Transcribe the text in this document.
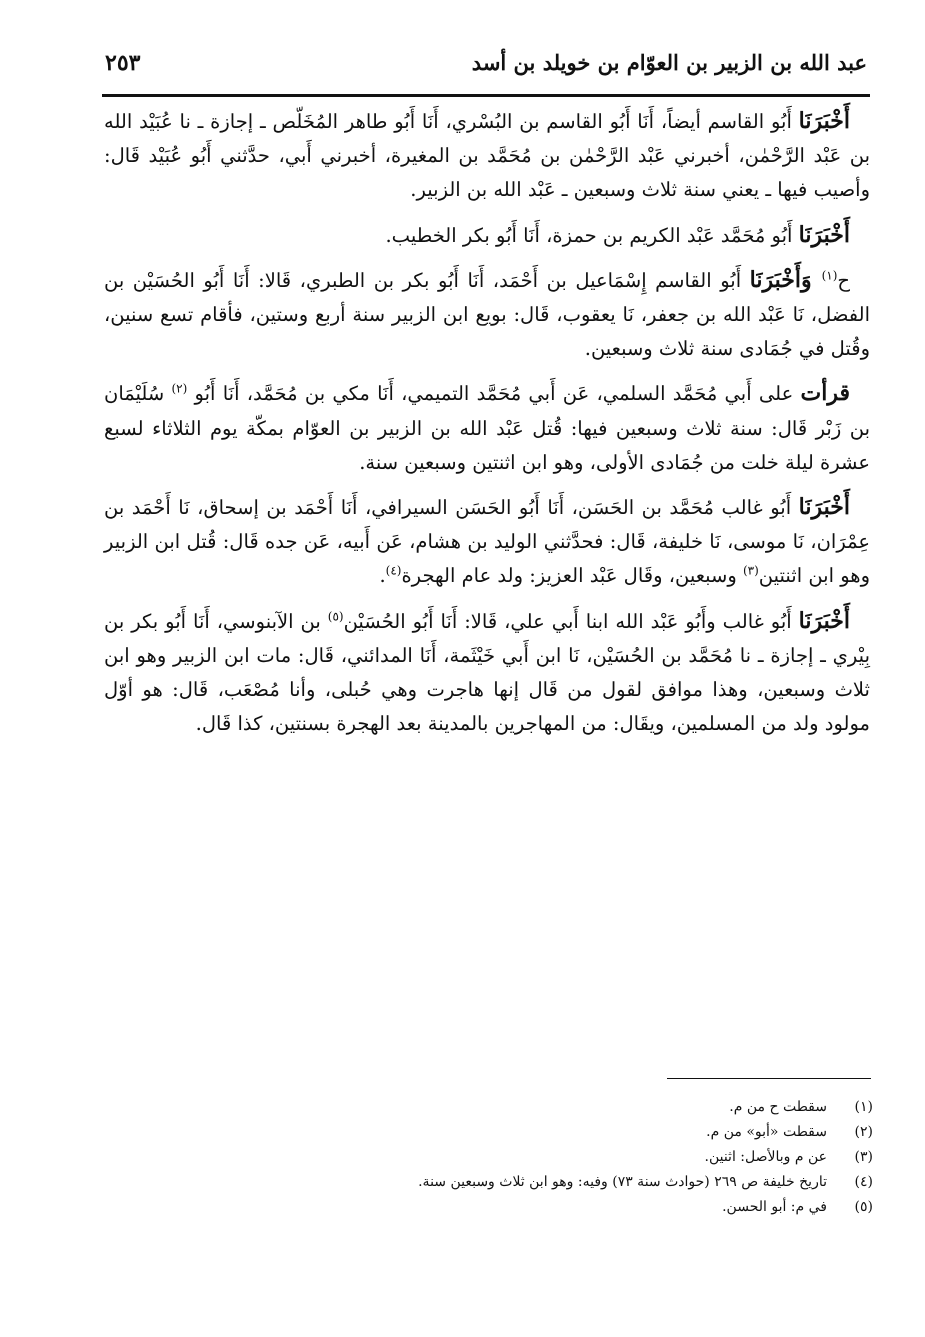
عبد الله بن الزبير بن العوّام بن خويلد بن أسد
٢٥٣

أَخْبَرَنَا أَبُو القاسم أيضاً، أَنَا أَبُو القاسم بن البُسْري، أَنَا أَبُو طاهر المُخَلّص ـ إجازة ـ نا عُبَيْد الله بن عَبْد الرَّحْمٰن، أخبرني عَبْد الرَّحْمٰن بن مُحَمَّد بن المغيرة، أخبرني أَبي، حدَّثني أَبُو عُبَيْد قَال: وأصيب فيها ـ يعني سنة ثلاث وسبعين ـ عَبْد الله بن الزبير.

أَخْبَرَنَا أَبُو مُحَمَّد عَبْد الكريم بن حمزة، أَنَا أَبُو بكر الخطيب.

ح$^{(١)}$ وَأَخْبَرَنَا أَبُو القاسم إِسْمَاعيل بن أَحْمَد، أَنَا أَبُو بكر بن الطبري، قَالا: أَنَا أَبُو الحُسَيْن بن الفضل، نَا عَبْد الله بن جعفر، نَا يعقوب، قَال: بويع ابن الزبير سنة أربع وستين، فأقام تسع سنين، وقُتل في جُمَادى سنة ثلاث وسبعين.

قرأت على أَبي مُحَمَّد السلمي، عَن أَبي مُحَمَّد التميمي، أَنَا مكي بن مُحَمَّد، أَنَا أَبُو $^{(٢)}$ سُلَيْمَان بن زَبْر قَال: سنة ثلاث وسبعين فيها: قُتل عَبْد الله بن الزبير بن العوّام بمكّة يوم الثلاثاء لسبع عشرة ليلة خلت من جُمَادى الأولى، وهو ابن اثنتين وسبعين سنة.

أَخْبَرَنَا أَبُو غالب مُحَمَّد بن الحَسَن، أَنَا أَبُو الحَسَن السيرافي، أَنَا أَحْمَد بن إسحاق، نَا أَحْمَد بن عِمْرَان، نَا موسى، نَا خليفة، قَال: فحدَّثني الوليد بن هشام، عَن أَبيه، عَن جده قَال: قُتل ابن الزبير وهو ابن اثنتين$^{(٣)}$ وسبعين، وقَال عَبْد العزيز: ولد عام الهجرة$^{(٤)}$.

أَخْبَرَنَا أَبُو غالب وأَبُو عَبْد الله ابنا أَبي علي، قَالا: أَنَا أَبُو الحُسَيْن$^{(٥)}$ بن الآبنوسي، أَنَا أَبُو بكر بن بِيْري ـ إجازة ـ نا مُحَمَّد بن الحُسَيْن، نَا ابن أَبي خَيْثَمة، أَنَا المدائني، قَال: مات ابن الزبير وهو ابن ثلاث وسبعين، وهذا موافق لقول من قَال إنها هاجرت وهي حُبلى، وأنا مُصْعَب، قَال: هو أوّل مولود ولد من المسلمين، ويقَال: من المهاجرين بالمدينة بعد الهجرة بسنتين، كذا قَال.

(١)
سقطت ح من م.
(٢)
سقطت «أبو» من م.
(٣)
عن م وبالأصل: اثنين.
(٤)
تاريخ خليفة ص ٢٦٩ (حوادث سنة ٧٣) وفيه: وهو ابن ثلاث وسبعين سنة.
(٥)
في م: أبو الحسن.
